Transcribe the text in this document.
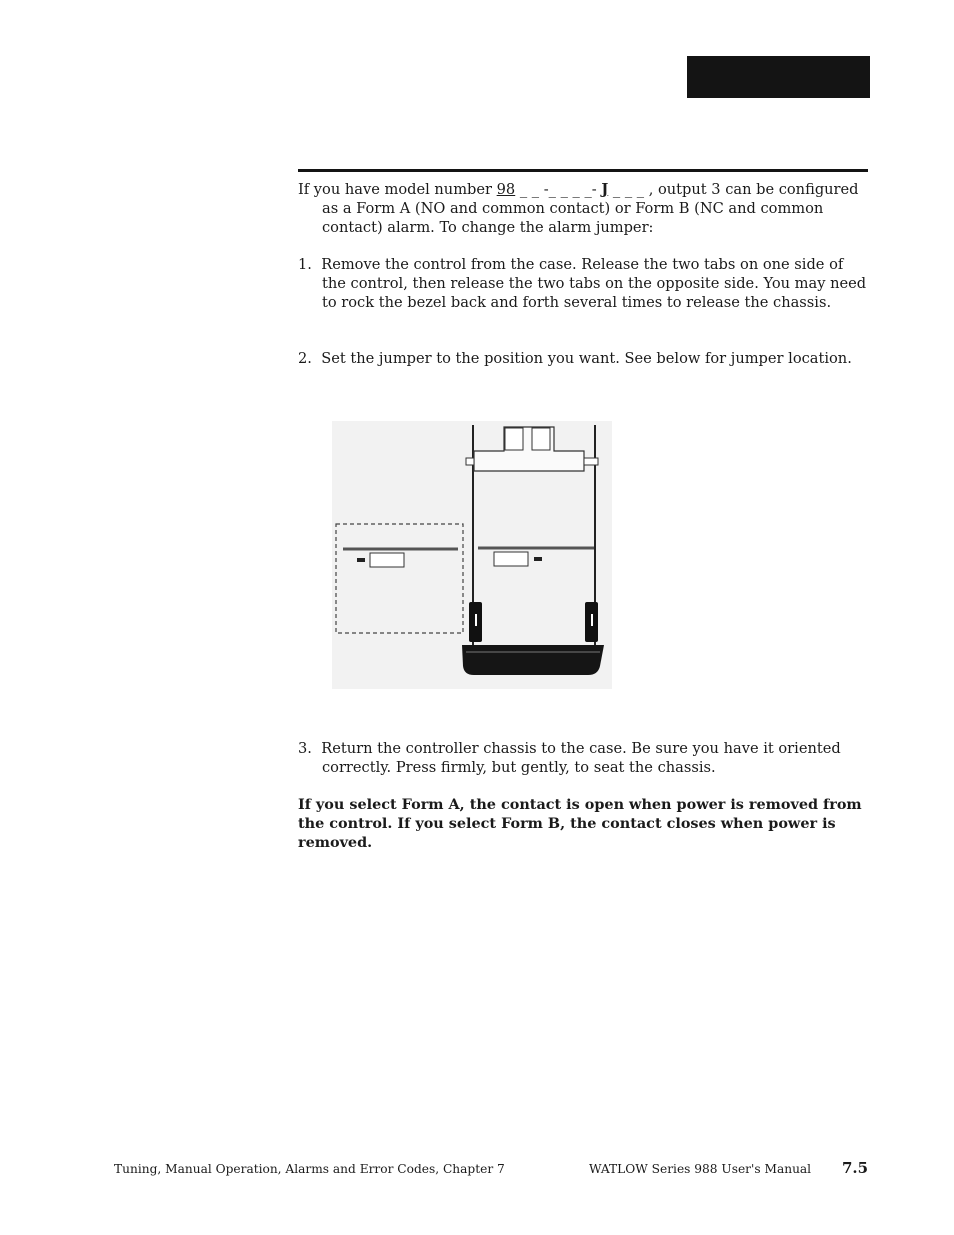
If you have model number 98 _ _ -_ _ _ _- J _ _ _ , output 3 can be configured as a Form A (NO and common contact) or Form B (NC and common contact) alarm. To change the alarm jumper:

1. Remove the control from the case. Release the two tabs on one side of the control, then release the two tabs on the opposite side. You may need to rock the bezel back and forth several times to release the chassis.

2. Set the jumper to the position you want. See below for jumper location.

3. Return the controller chassis to the case. Be sure you have it oriented correctly. Press firmly, but gently, to seat the chassis.

If you select Form A, the contact is open when power is removed from the control. If you select Form B, the contact closes when power is removed.
Tuning, Manual Operation, Alarms and Error Codes, Chapter 7	WATLOW Series 988 User's Manual 7.5
